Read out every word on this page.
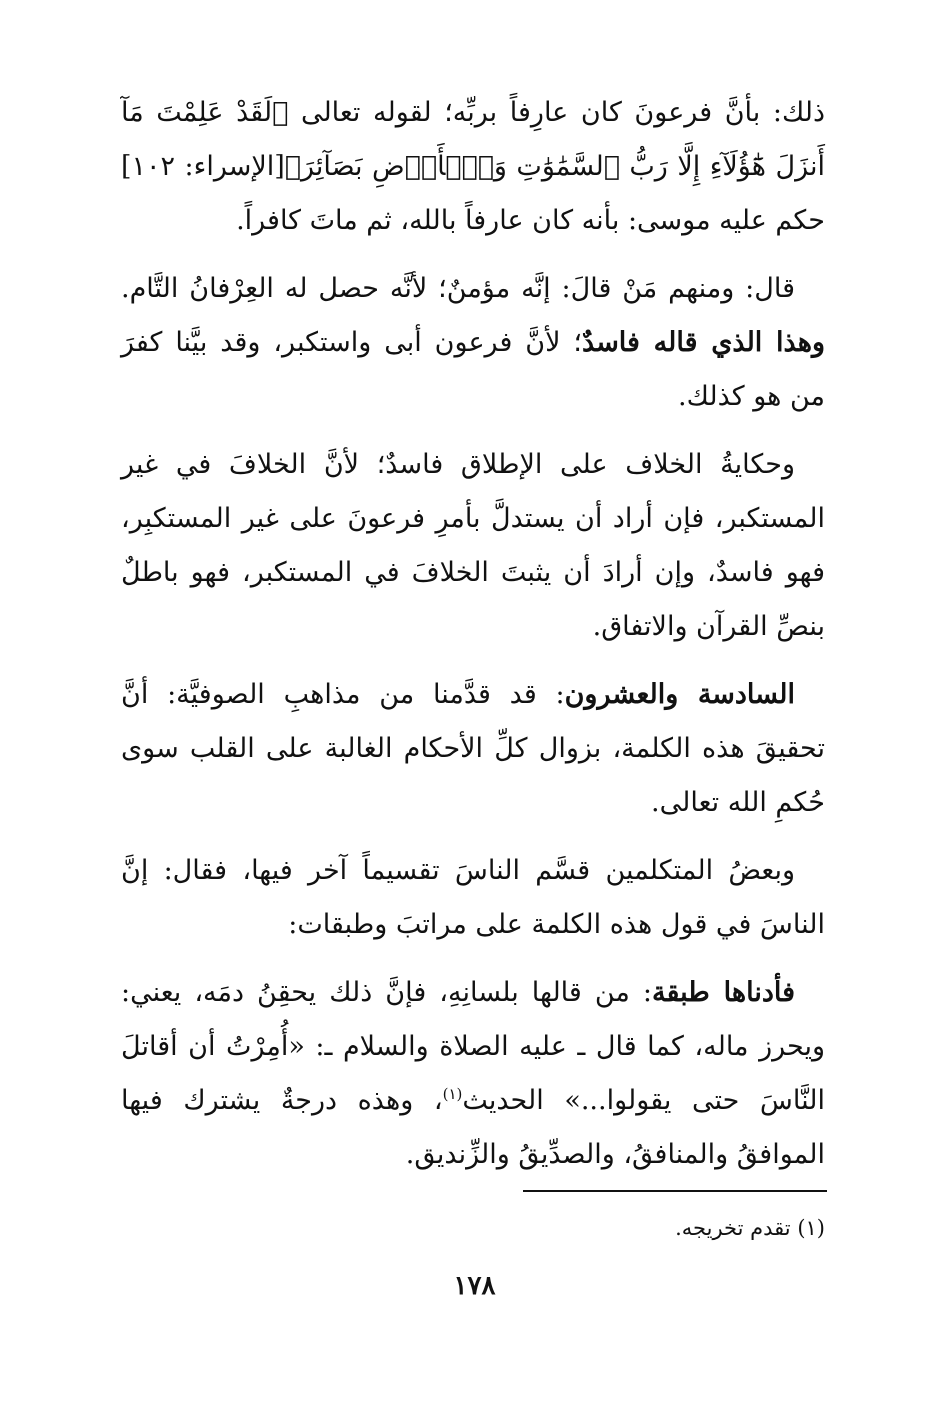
ذلك: بأنَّ فرعونَ كان عارِفاً بربِّه؛ لقوله تعالى ﴿لَقَدْ عَلِمْتَ مَآ أَنزَلَ هَٰٓؤُلَآءِ إِلَّا رَبُّ ٱلسَّمَٰوَٰتِ وَٱلۡأَرۡضِ بَصَآئِرَ﴾[الإسراء: ١٠٢] حكم عليه موسى: بأنه كان عارفاً بالله، ثم ماتَ كافراً.

قال: ومنهم مَنْ قالَ: إنَّه مؤمنٌ؛ لأنَّه حصل له العِرْفانُ التَّام. وهذا الذي قاله فاسدٌ؛ لأنَّ فرعون أبى واستكبر، وقد بيَّنا كفرَ من هو كذلك.

وحكايةُ الخلاف على الإطلاق فاسدٌ؛ لأنَّ الخلافَ في غير المستكبر، فإن أراد أن يستدلَّ بأمرِ فرعونَ على غير المستكبِر، فهو فاسدٌ، وإن أرادَ أن يثبتَ الخلافَ في المستكبر، فهو باطلٌ بنصِّ القرآن والاتفاق.

السادسة والعشرون: قد قدَّمنا من مذاهبِ الصوفيَّة: أنَّ تحقيقَ هذه الكلمة، بزوال كلِّ الأحكام الغالبة على القلب سوى حُكمِ الله تعالى.

وبعضُ المتكلمين قسَّم الناسَ تقسيماً آخر فيها، فقال: إنَّ الناسَ في قول هذه الكلمة على مراتبَ وطبقات:

فأدناها طبقة: من قالها بلسانِهِ، فإنَّ ذلك يحقِنُ دمَه، يعني: ويحرز ماله، كما قال ـ عليه الصلاة والسلام ـ: «أُمِرْتُ أن أقاتلَ النَّاسَ حتى يقولوا...» الحديث$^{(١)}$، وهذه درجةٌ يشترك فيها الموافقُ والمنافقُ، والصدِّيقُ والزِّنديق.

(١) تقدم تخريجه.
١٧٨
